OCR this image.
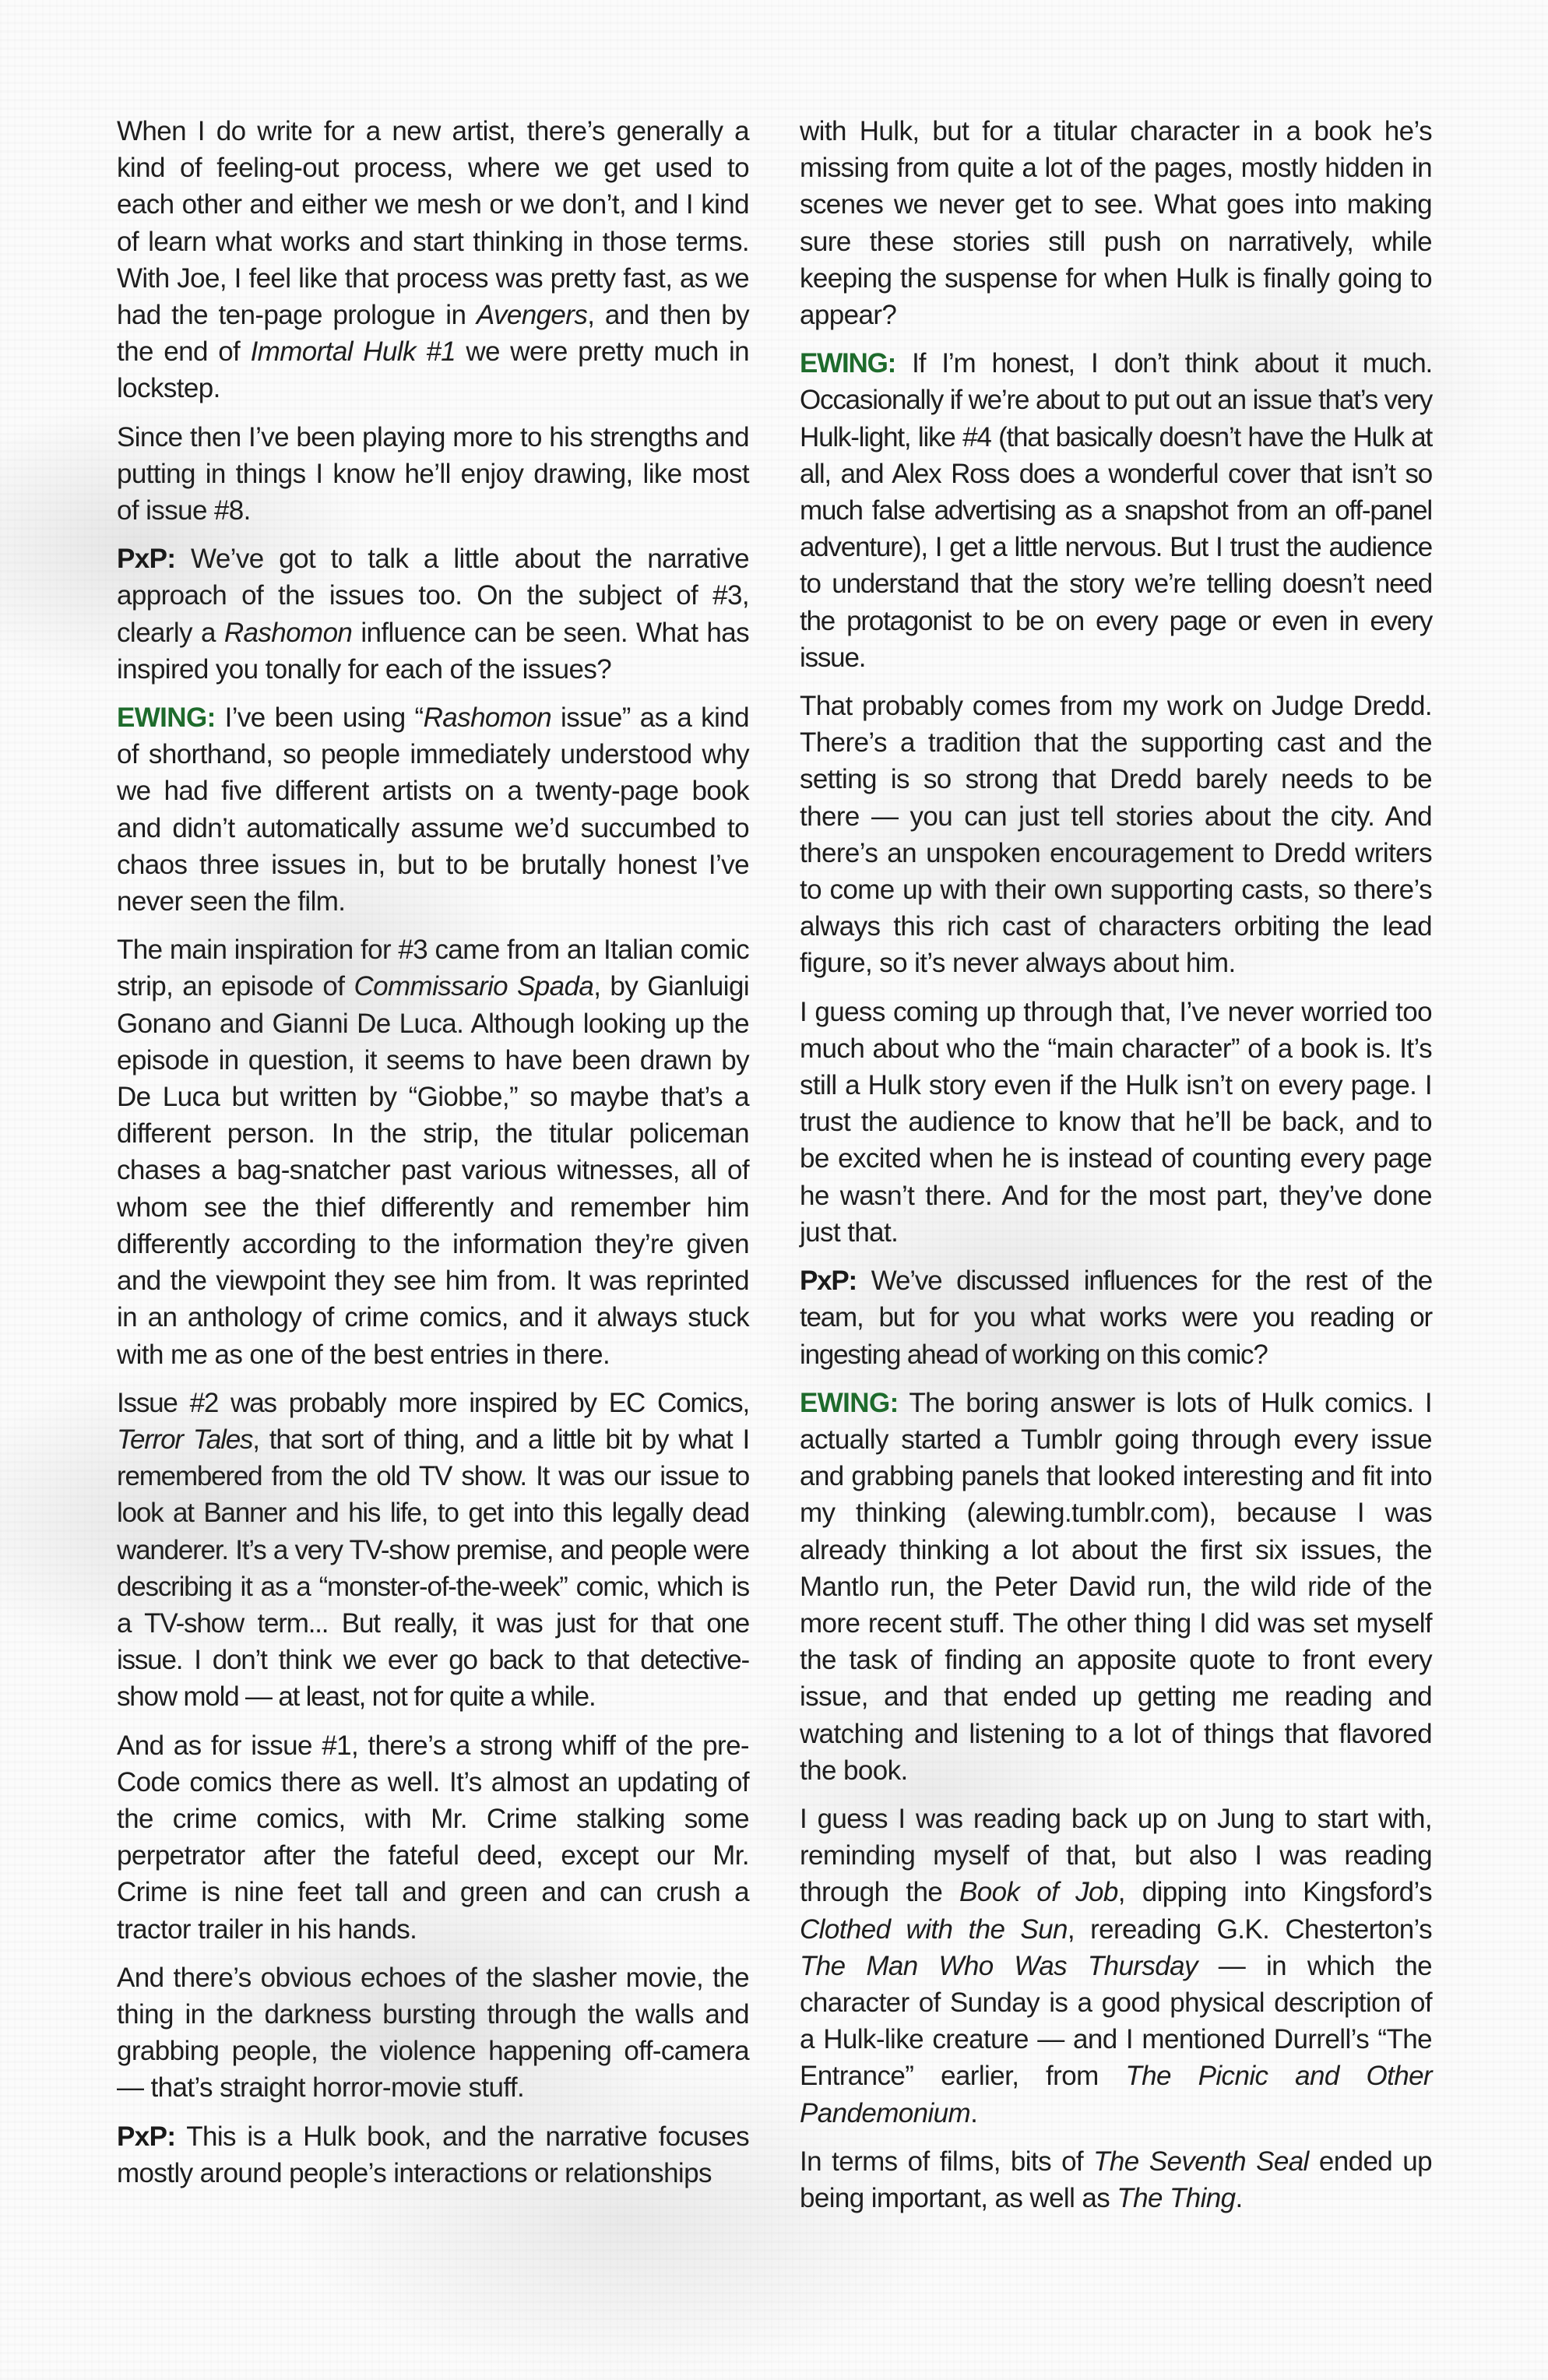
When I do write for a new artist, there’s generally a kind of feeling-out process, where we get used to each other and either we mesh or we don’t, and I kind of learn what works and start thinking in those terms. With Joe, I feel like that process was pretty fast, as we had the ten-page prologue in Avengers, and then by the end of Immortal Hulk #1 we were pretty much in lockstep.

Since then I’ve been playing more to his strengths and putting in things I know he’ll enjoy drawing, like most of issue #8.

PxP: We’ve got to talk a little about the narrative approach of the issues too. On the subject of #3, clearly a Rashomon influence can be seen. What has inspired you tonally for each of the issues?

EWING: I’ve been using “Rashomon issue” as a kind of shorthand, so people immediately understood why we had five different artists on a twenty-page book and didn’t automatically assume we’d succumbed to chaos three issues in, but to be brutally honest I’ve never seen the film.

The main inspiration for #3 came from an Italian comic strip, an episode of Commissario Spada, by Gianluigi Gonano and Gianni De Luca. Although looking up the episode in question, it seems to have been drawn by De Luca but written by “Giobbe,” so maybe that’s a different person. In the strip, the titular policeman chases a bag-snatcher past various witnesses, all of whom see the thief differently and remember him differently according to the information they’re given and the viewpoint they see him from. It was reprinted in an anthology of crime comics, and it always stuck with me as one of the best entries in there.

Issue #2 was probably more inspired by EC Comics, Terror Tales, that sort of thing, and a little bit by what I remembered from the old TV show. It was our issue to look at Banner and his life, to get into this legally dead wanderer. It’s a very TV-show premise, and people were describing it as a “monster-of-the-week” comic, which is a TV-show term... But really, it was just for that one issue. I don’t think we ever go back to that detective-show mold — at least, not for quite a while.

And as for issue #1, there’s a strong whiff of the pre-Code comics there as well. It’s almost an updating of the crime comics, with Mr. Crime stalking some perpetrator after the fateful deed, except our Mr. Crime is nine feet tall and green and can crush a tractor trailer in his hands.

And there’s obvious echoes of the slasher movie, the thing in the darkness bursting through the walls and grabbing people, the violence happening off-camera — that’s straight horror-movie stuff.

PxP: This is a Hulk book, and the narrative focuses mostly around people’s interactions or relationships

with Hulk, but for a titular character in a book he’s missing from quite a lot of the pages, mostly hidden in scenes we never get to see. What goes into making sure these stories still push on narratively, while keeping the suspense for when Hulk is finally going to appear?

EWING: If I’m honest, I don’t think about it much. Occasionally if we’re about to put out an issue that’s very Hulk-light, like #4 (that basically doesn’t have the Hulk at all, and Alex Ross does a wonderful cover that isn’t so much false advertising as a snapshot from an off-panel adventure), I get a little nervous. But I trust the audience to understand that the story we’re telling doesn’t need the protagonist to be on every page or even in every issue.

That probably comes from my work on Judge Dredd. There’s a tradition that the supporting cast and the setting is so strong that Dredd barely needs to be there — you can just tell stories about the city. And there’s an unspoken encouragement to Dredd writers to come up with their own supporting casts, so there’s always this rich cast of characters orbiting the lead figure, so it’s never always about him.

I guess coming up through that, I’ve never worried too much about who the “main character” of a book is. It’s still a Hulk story even if the Hulk isn’t on every page. I trust the audience to know that he’ll be back, and to be excited when he is instead of counting every page he wasn’t there. And for the most part, they’ve done just that.

PxP: We’ve discussed influences for the rest of the team, but for you what works were you reading or ingesting ahead of working on this comic?

EWING: The boring answer is lots of Hulk comics. I actually started a Tumblr going through every issue and grabbing panels that looked interesting and fit into my thinking (alewing.tumblr.com), because I was already thinking a lot about the first six issues, the Mantlo run, the Peter David run, the wild ride of the more recent stuff. The other thing I did was set myself the task of finding an apposite quote to front every issue, and that ended up getting me reading and watching and listening to a lot of things that flavored the book.

I guess I was reading back up on Jung to start with, reminding myself of that, but also I was reading through the Book of Job, dipping into Kingsford’s Clothed with the Sun, rereading G.K. Chesterton’s The Man Who Was Thursday — in which the character of Sunday is a good physical description of a Hulk-like creature — and I mentioned Durrell’s “The Entrance” earlier, from The Picnic and Other Pandemonium.

In terms of films, bits of The Seventh Seal ended up being important, as well as The Thing.
